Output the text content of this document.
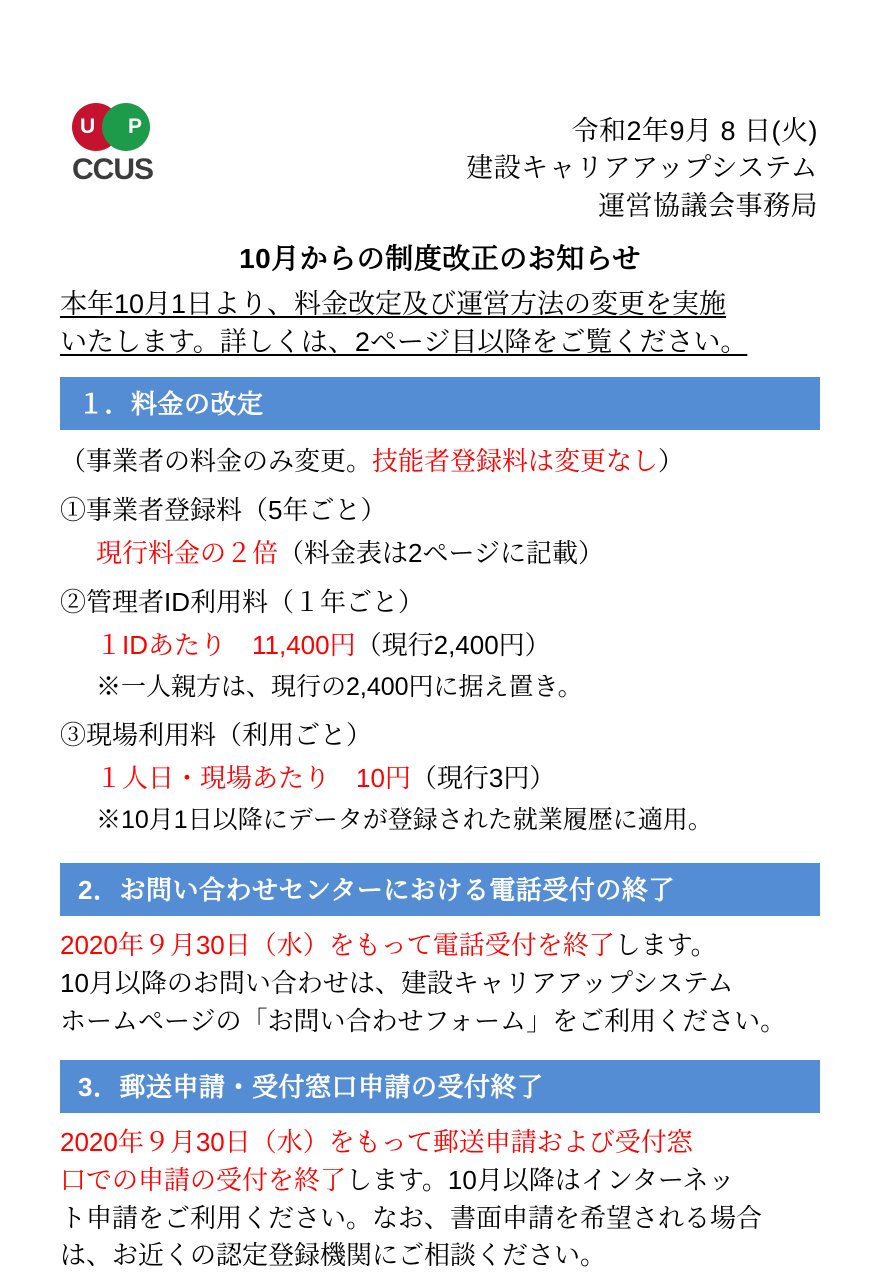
U	P
CCUS
令和2年9月 8 日(火)
建設キャリアアップシステム
運営協議会事務局
10月からの制度改正のお知らせ
本年10月1日より、料金改定及び運営方法の変更を実施
いたします。詳しくは、2ページ目以降をご覧ください。
１．料金の改定
（事業者の料金のみ変更。技能者登録料は変更なし）
①事業者登録料（5年ごと）
現行料金の２倍（料金表は2ページに記載）
②管理者ID利用料（１年ごと）
１IDあたり　11,400円（現行2,400円）
※一人親方は、現行の2,400円に据え置き。
③現場利用料（利用ごと）
１人日・現場あたり　10円（現行3円）
※10月1日以降にデータが登録された就業履歴に適用。
2．お問い合わせセンターにおける電話受付の終了
2020年９月30日（水）をもって電話受付を終了します。
10月以降のお問い合わせは、建設キャリアアップシステム
ホームページの「お問い合わせフォーム」をご利用ください。
3．郵送申請・受付窓口申請の受付終了
2020年９月30日（水）をもって郵送申請および受付窓
口での申請の受付を終了します。10月以降はインターネッ
ト申請をご利用ください。なお、書面申請を希望される場合
は、お近くの認定登録機関にご相談ください。
